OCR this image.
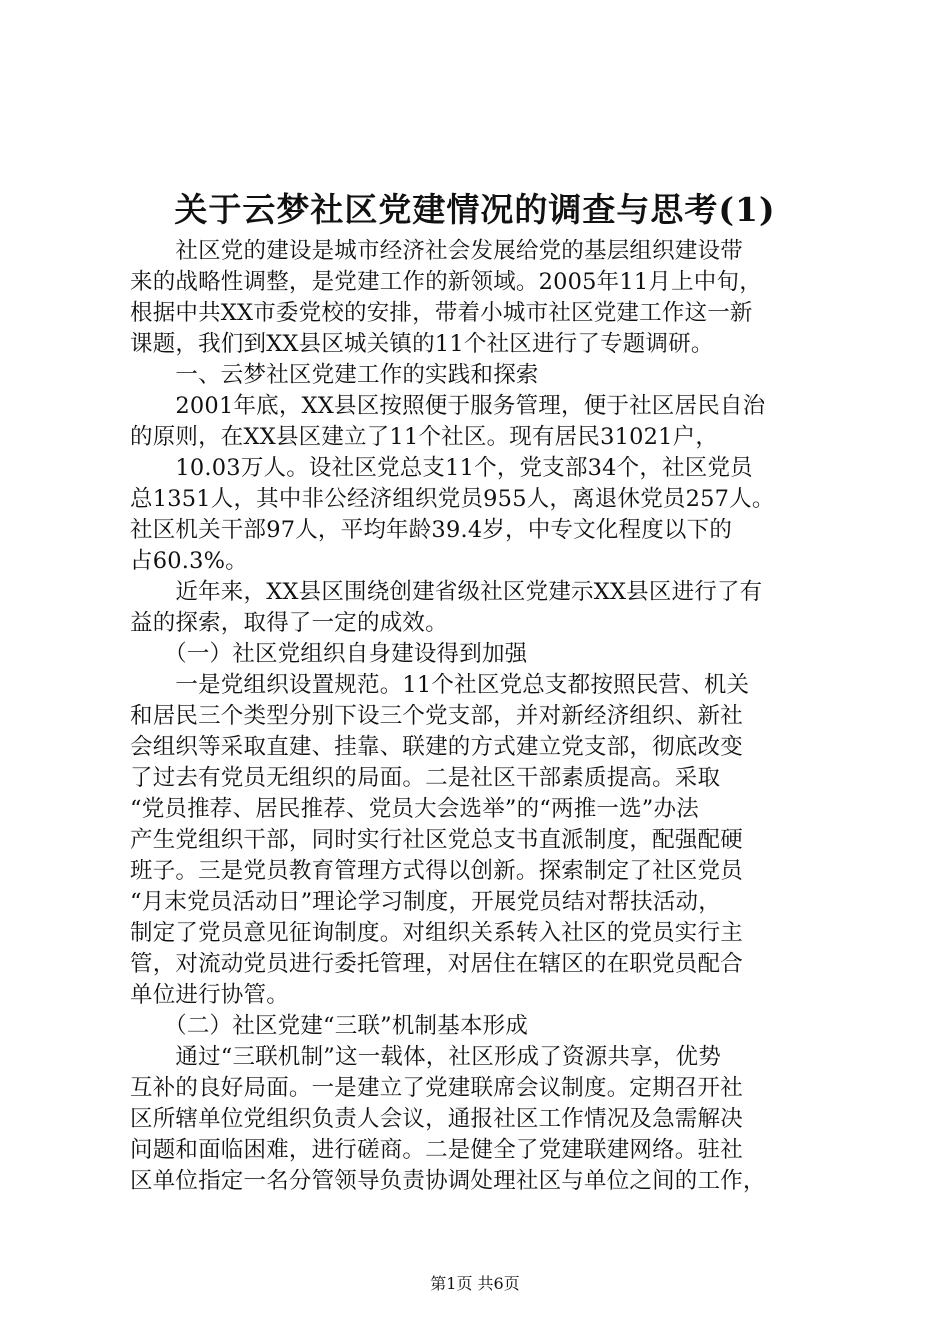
关于云梦社区党建情况的调查与思考(1)

　　社区党的建设是城市经济社会发展给党的基层组织建设带

来的战略性调整，是党建工作的新领域。2005年11月上中旬，

根据中共XX市委党校的安排，带着小城市社区党建工作这一新

课题，我们到XX县区城关镇的11个社区进行了专题调研。

　　一、云梦社区党建工作的实践和探索

　　2001年底，XX县区按照便于服务管理，便于社区居民自治

的原则，在XX县区建立了11个社区。现有居民31021户，

　　10.03万人。设社区党总支11个，党支部34个，社区党员

总1351人，其中非公经济组织党员955人，离退休党员257人。

社区机关干部97人，平均年龄39.4岁，中专文化程度以下的

占60.3%。

　　近年来，XX县区围绕创建省级社区党建示XX县区进行了有

益的探索，取得了一定的成效。

　　（一）社区党组织自身建设得到加强

　　一是党组织设置规范。11个社区党总支都按照民营、机关

和居民三个类型分别下设三个党支部，并对新经济组织、新社

会组织等采取直建、挂靠、联建的方式建立党支部，彻底改变

了过去有党员无组织的局面。二是社区干部素质提高。采取

“党员推荐、居民推荐、党员大会选举”的“两推一选”办法

产生党组织干部，同时实行社区党总支书直派制度，配强配硬

班子。三是党员教育管理方式得以创新。探索制定了社区党员

“月末党员活动日”理论学习制度，开展党员结对帮扶活动，

制定了党员意见征询制度。对组织关系转入社区的党员实行主

管，对流动党员进行委托管理，对居住在辖区的在职党员配合

单位进行协管。

　　（二）社区党建“三联”机制基本形成

　　通过“三联机制”这一载体，社区形成了资源共享，优势

互补的良好局面。一是建立了党建联席会议制度。定期召开社

区所辖单位党组织负责人会议，通报社区工作情况及急需解决

问题和面临困难，进行磋商。二是健全了党建联建网络。驻社

区单位指定一名分管领导负责协调处理社区与单位之间的工作，

第1页 共6页
